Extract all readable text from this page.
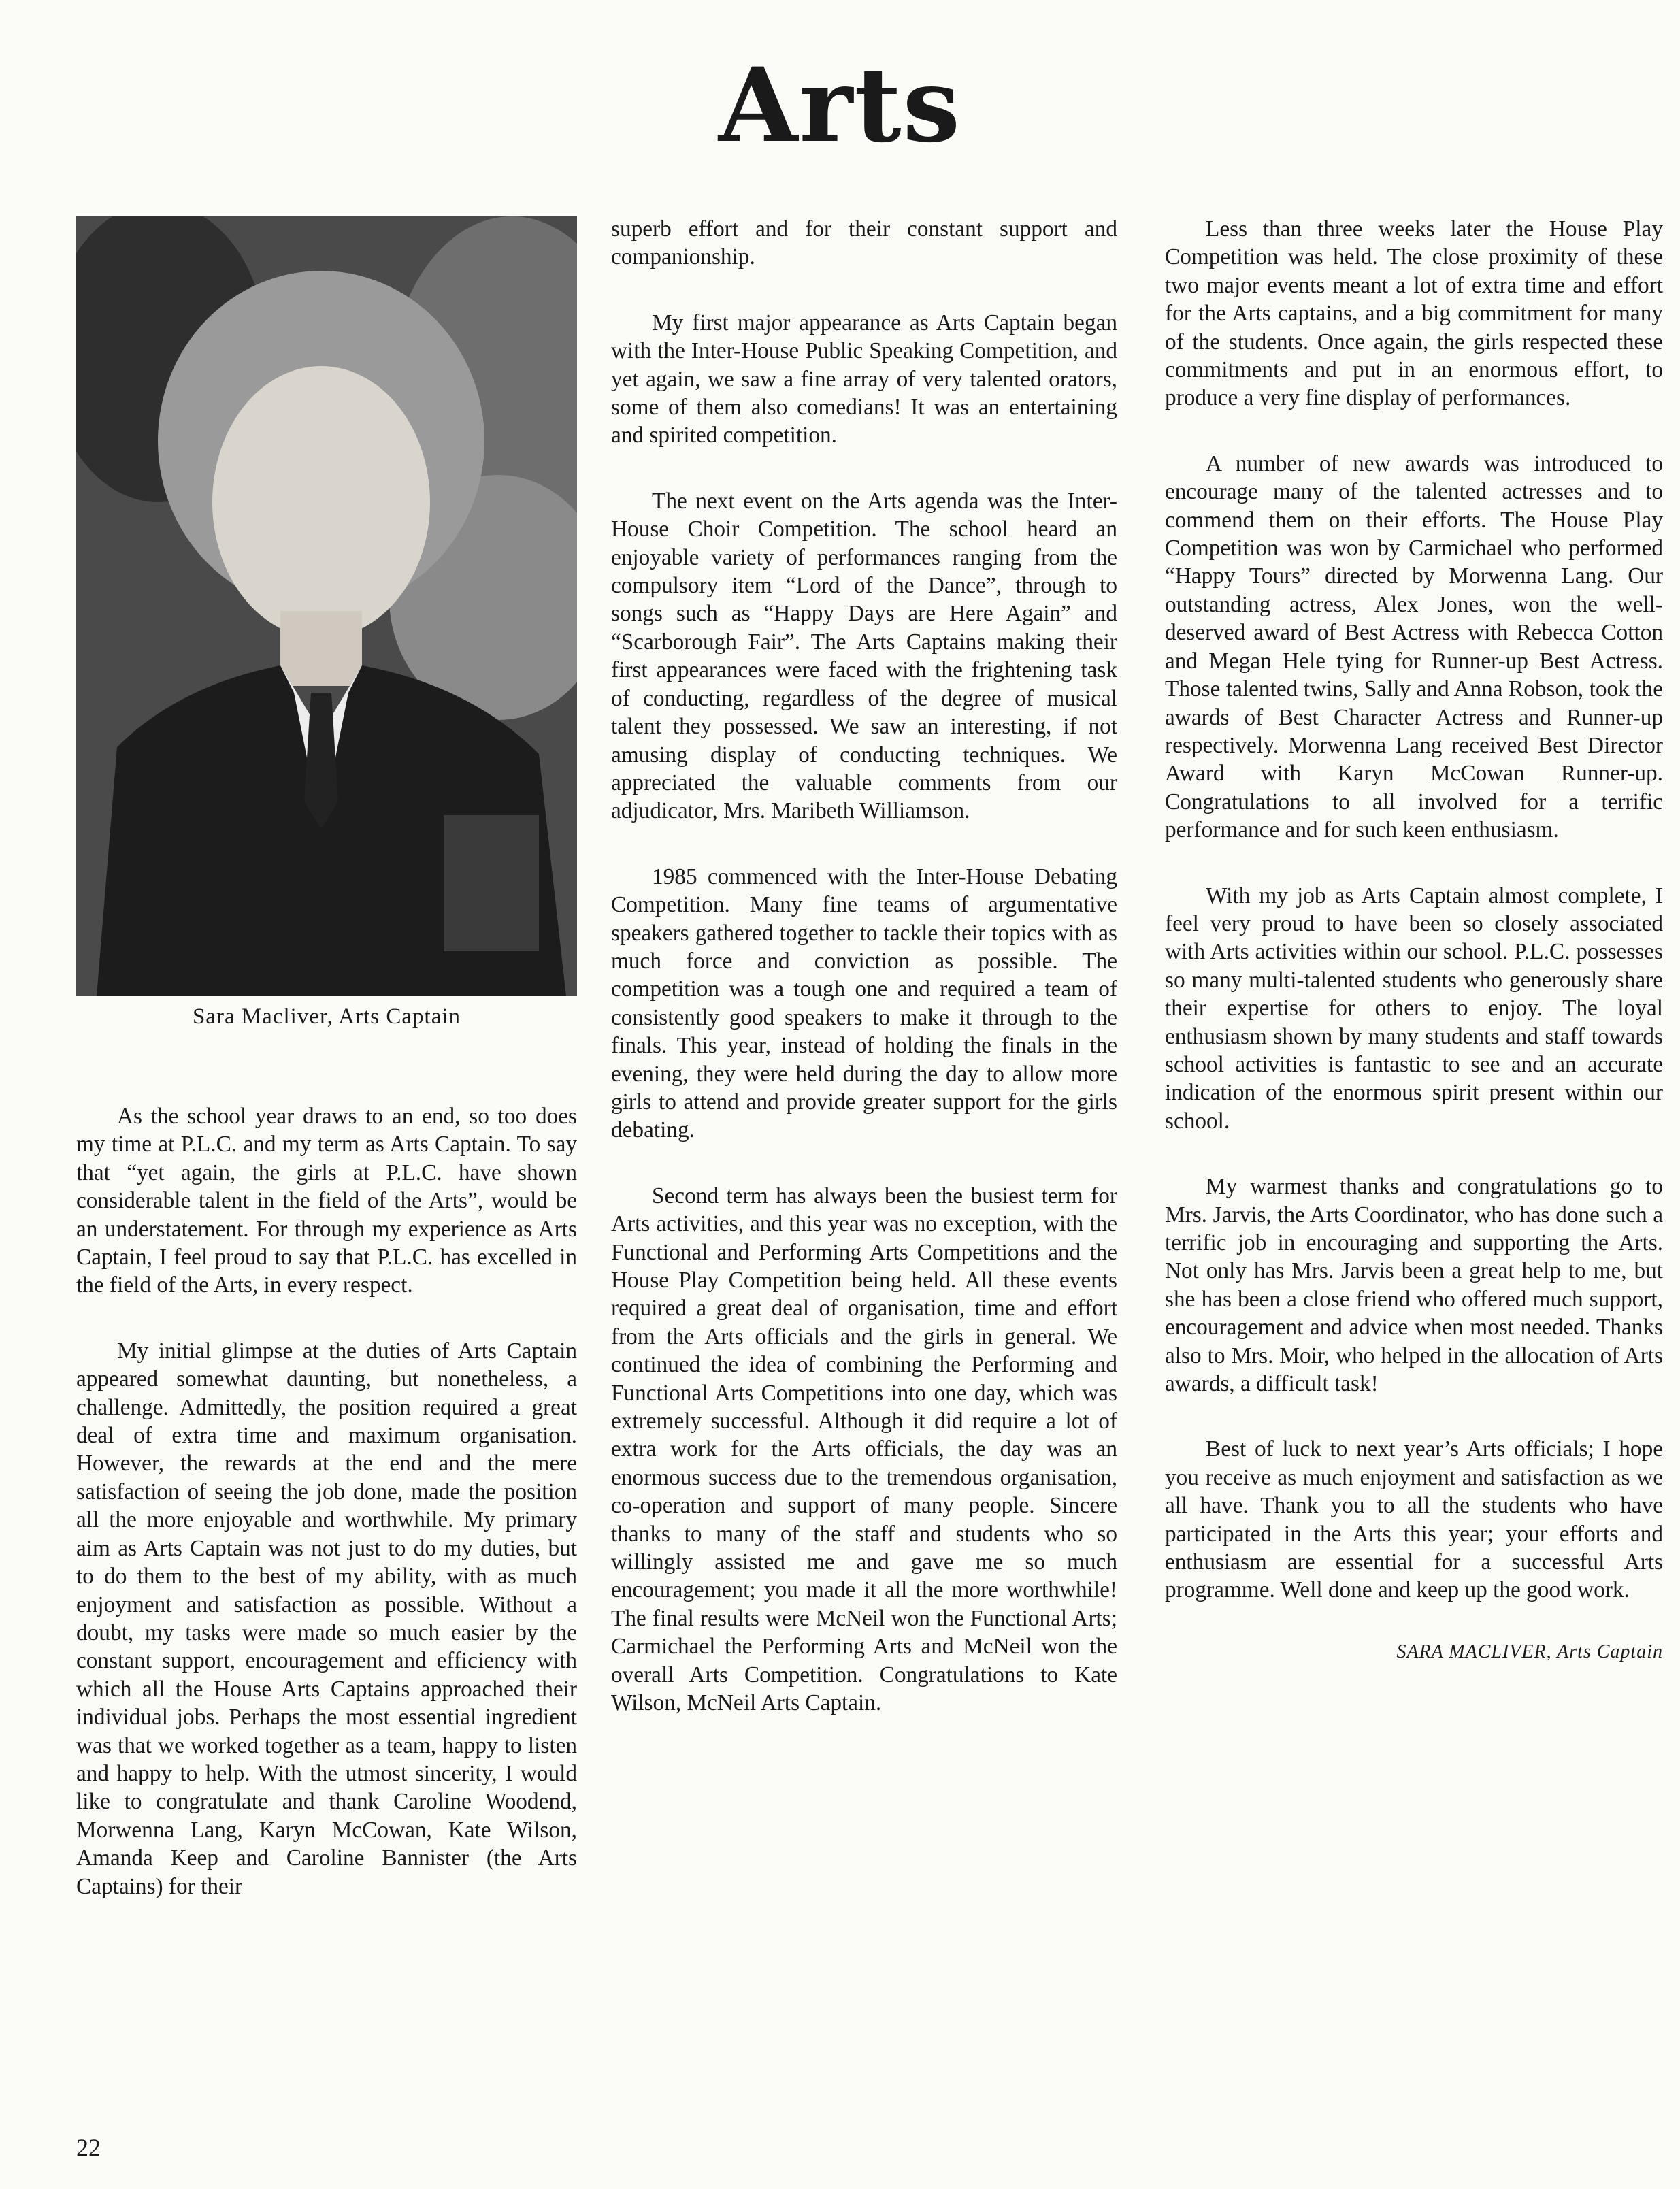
Arts

Sara Macliver, Arts Captain

As the school year draws to an end, so too does my time at P.L.C. and my term as Arts Captain. To say that “yet again, the girls at P.L.C. have shown considerable talent in the field of the Arts”, would be an understatement. For through my experience as Arts Captain, I feel proud to say that P.L.C. has excelled in the field of the Arts, in every respect.

My initial glimpse at the duties of Arts Captain appeared somewhat daunting, but nonetheless, a challenge. Admittedly, the position required a great deal of extra time and maximum organisation. However, the rewards at the end and the mere satisfaction of seeing the job done, made the position all the more enjoyable and worthwhile. My primary aim as Arts Captain was not just to do my duties, but to do them to the best of my ability, with as much enjoyment and satisfaction as possible. Without a doubt, my tasks were made so much easier by the constant support, encouragement and efficiency with which all the House Arts Captains approached their individual jobs. Perhaps the most essential ingredient was that we worked together as a team, happy to listen and happy to help. With the utmost sincerity, I would like to congratulate and thank Caroline Woodend, Morwenna Lang, Karyn McCowan, Kate Wilson, Amanda Keep and Caroline Bannister (the Arts Captains) for their

superb effort and for their constant support and companionship.

My first major appearance as Arts Captain began with the Inter-House Public Speaking Competition, and yet again, we saw a fine array of very talented orators, some of them also comedians! It was an entertaining and spirited competition.

The next event on the Arts agenda was the Inter-House Choir Competition. The school heard an enjoyable variety of performances ranging from the compulsory item “Lord of the Dance”, through to songs such as “Happy Days are Here Again” and “Scarborough Fair”. The Arts Captains making their first appearances were faced with the frightening task of conducting, regardless of the degree of musical talent they possessed. We saw an interesting, if not amusing display of conducting techniques. We appreciated the valuable comments from our adjudicator, Mrs. Maribeth Williamson.

1985 commenced with the Inter-House Debating Competition. Many fine teams of argumentative speakers gathered together to tackle their topics with as much force and conviction as possible. The competition was a tough one and required a team of consistently good speakers to make it through to the finals. This year, instead of holding the finals in the evening, they were held during the day to allow more girls to attend and provide greater support for the girls debating.

Second term has always been the busiest term for Arts activities, and this year was no exception, with the Functional and Performing Arts Competitions and the House Play Competition being held. All these events required a great deal of organisation, time and effort from the Arts officials and the girls in general. We continued the idea of combining the Performing and Functional Arts Competitions into one day, which was extremely successful. Although it did require a lot of extra work for the Arts officials, the day was an enormous success due to the tremendous organisation, co-operation and support of many people. Sincere thanks to many of the staff and students who so willingly assisted me and gave me so much encouragement; you made it all the more worthwhile! The final results were McNeil won the Functional Arts; Carmichael the Performing Arts and McNeil won the overall Arts Competition. Congratulations to Kate Wilson, McNeil Arts Captain.

Less than three weeks later the House Play Competition was held. The close proximity of these two major events meant a lot of extra time and effort for the Arts captains, and a big commitment for many of the students. Once again, the girls respected these commitments and put in an enormous effort, to produce a very fine display of performances.

A number of new awards was introduced to encourage many of the talented actresses and to commend them on their efforts. The House Play Competition was won by Carmichael who performed “Happy Tours” directed by Morwenna Lang. Our outstanding actress, Alex Jones, won the well-deserved award of Best Actress with Rebecca Cotton and Megan Hele tying for Runner-up Best Actress. Those talented twins, Sally and Anna Robson, took the awards of Best Character Actress and Runner-up respectively. Morwenna Lang received Best Director Award with Karyn McCowan Runner-up. Congratulations to all involved for a terrific performance and for such keen enthusiasm.

With my job as Arts Captain almost complete, I feel very proud to have been so closely associated with Arts activities within our school. P.L.C. possesses so many multi-talented students who generously share their expertise for others to enjoy. The loyal enthusiasm shown by many students and staff towards school activities is fantastic to see and an accurate indication of the enormous spirit present within our school.

My warmest thanks and congratulations go to Mrs. Jarvis, the Arts Coordinator, who has done such a terrific job in encouraging and supporting the Arts. Not only has Mrs. Jarvis been a great help to me, but she has been a close friend who offered much support, encouragement and advice when most needed. Thanks also to Mrs. Moir, who helped in the allocation of Arts awards, a difficult task!

Best of luck to next year’s Arts officials; I hope you receive as much enjoyment and satisfaction as we all have. Thank you to all the students who have participated in the Arts this year; your efforts and enthusiasm are essential for a successful Arts programme. Well done and keep up the good work.

SARA MACLIVER, Arts Captain

22
